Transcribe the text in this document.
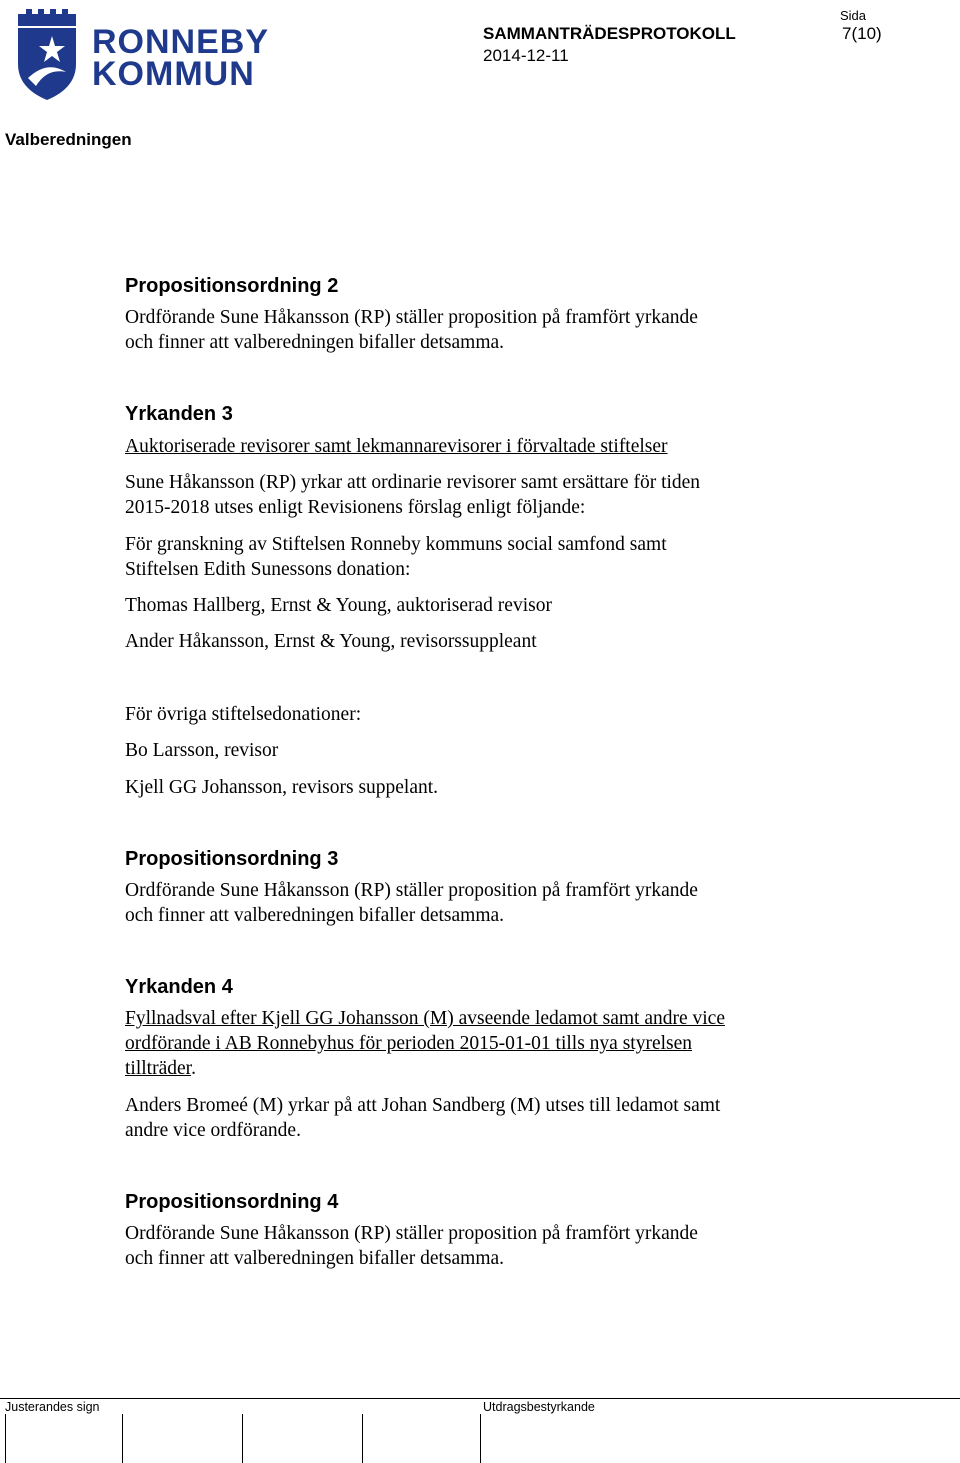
RONNEBY
KOMMUN
SAMMANTRÄDESPROTOKOLL
2014-12-11
Sida
7(10)
Valberedningen
Propositionsordning 2
Ordförande Sune Håkansson (RP) ställer proposition på framfört yrkande
och finner att valberedningen bifaller detsamma.
Yrkanden 3
Auktoriserade revisorer samt lekmannarevisorer i förvaltade stiftelser
Sune Håkansson (RP) yrkar att ordinarie revisorer samt ersättare för tiden
2015-2018 utses enligt Revisionens förslag enligt följande:
För granskning av Stiftelsen Ronneby kommuns social samfond samt
Stiftelsen Edith Sunessons donation:
Thomas Hallberg, Ernst & Young, auktoriserad revisor
Ander Håkansson, Ernst & Young, revisorssuppleant
För övriga stiftelsedonationer:
Bo Larsson, revisor
Kjell GG Johansson, revisors suppelant.
Propositionsordning 3
Ordförande Sune Håkansson (RP) ställer proposition på framfört yrkande
och finner att valberedningen bifaller detsamma.
Yrkanden 4
Fyllnadsval efter Kjell GG Johansson (M) avseende ledamot samt andre vice
ordförande i AB Ronnebyhus för perioden 2015-01-01 tills nya styrelsen
tillträder.
Anders Bromeé (M) yrkar på att Johan Sandberg (M) utses till ledamot samt
andre vice ordförande.
Propositionsordning 4
Ordförande Sune Håkansson (RP) ställer proposition på framfört yrkande
och finner att valberedningen bifaller detsamma.
Justerandes sign	Utdragsbestyrkande
